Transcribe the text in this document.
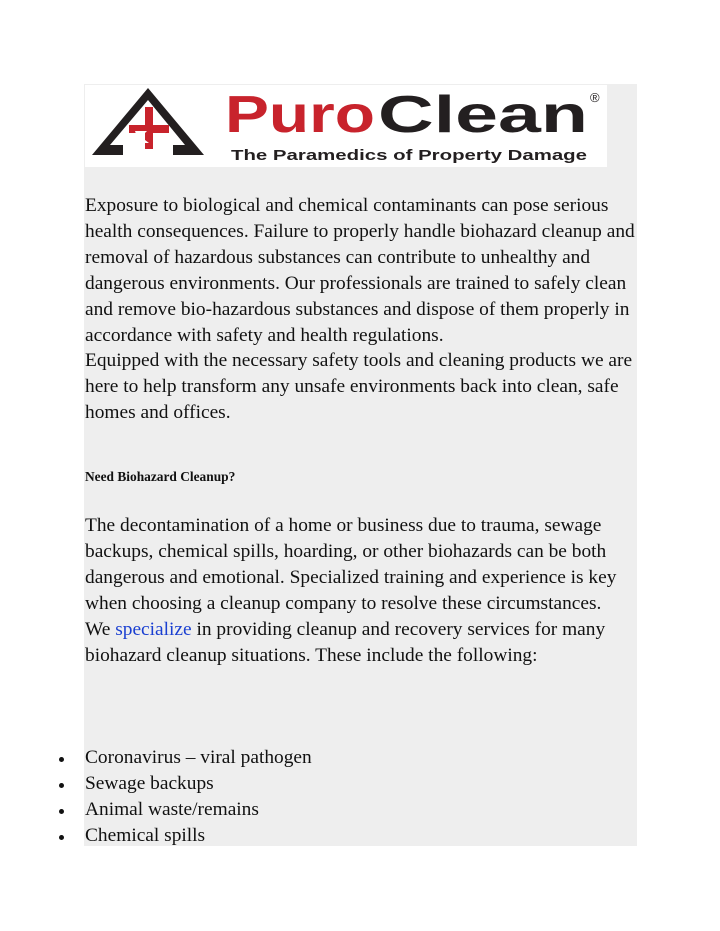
Puro Clean ®
The Paramedics of Property Damage

Exposure to biological and chemical contaminants can pose serious health consequences. Failure to properly handle biohazard cleanup and removal of hazardous substances can contribute to unhealthy and dangerous environments. Our professionals are trained to safely clean and remove bio-hazardous substances and dispose of them properly in accordance with safety and health regulations.

Equipped with the necessary safety tools and cleaning products we are here to help transform any unsafe environments back into clean, safe homes and offices.

Need Biohazard Cleanup?

The decontamination of a home or business due to trauma, sewage backups, chemical spills, hoarding, or other biohazards can be both dangerous and emotional. Specialized training and experience is key when choosing a cleanup company to resolve these circumstances.

We specialize in providing cleanup and recovery services for many biohazard cleanup situations. These include the following:

Coronavirus – viral pathogen
Sewage backups
Animal waste/remains
Chemical spills
